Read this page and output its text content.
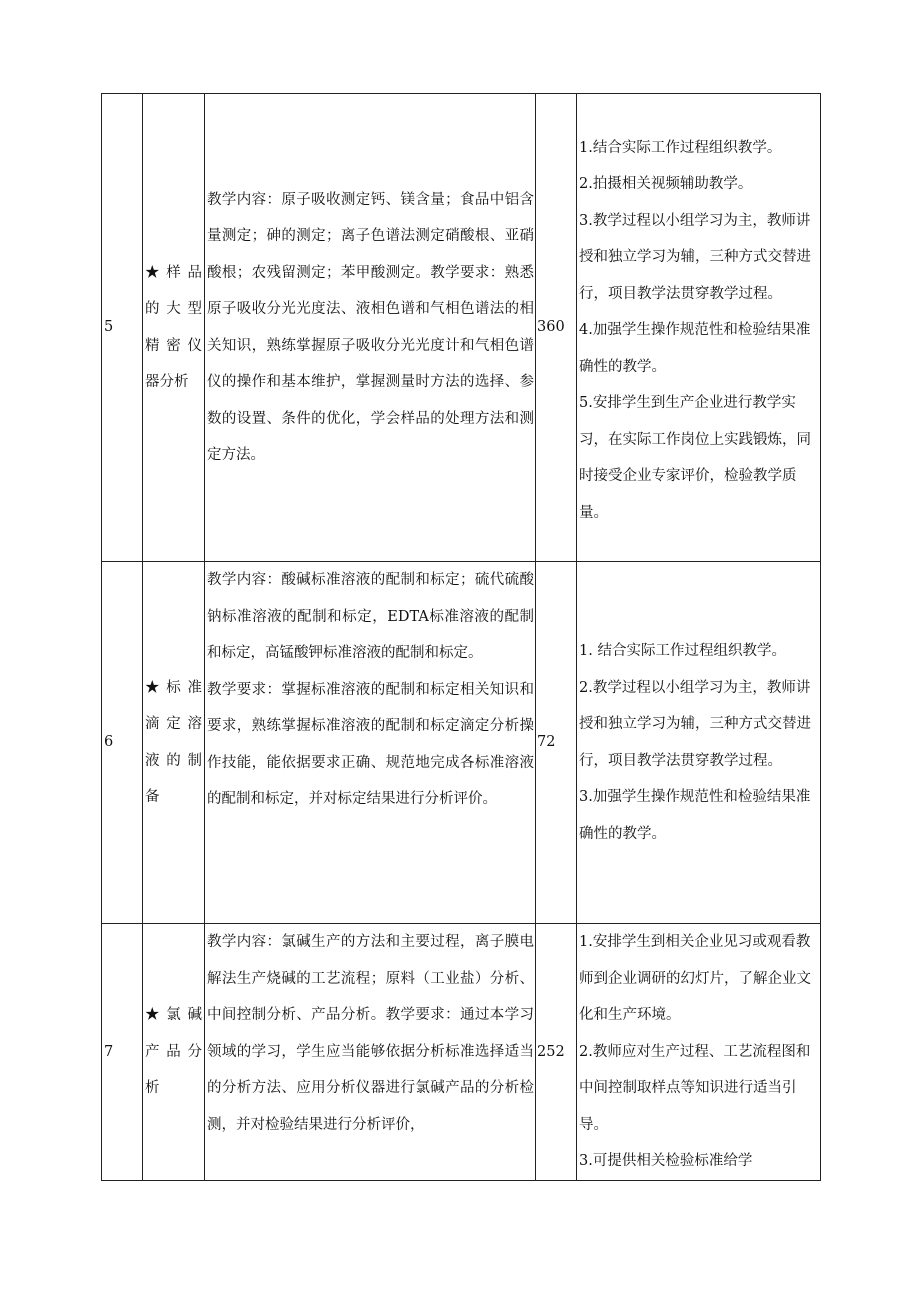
5	★样品的大型精密仪器分析	教学内容：原子吸收测定钙、镁含量；食品中铝含量测定；砷的测定；离子色谱法测定硝酸根、亚硝酸根；农残留测定；苯甲酸测定。教学要求：熟悉原子吸收分光光度法、液相色谱和气相色谱法的相关知识，熟练掌握原子吸收分光光度计和气相色谱仪的操作和基本维护，掌握测量时方法的选择、参数的设置、条件的优化，学会样品的处理方法和测定方法。	360	1.结合实际工作过程组织教学。
2.拍摄相关视频辅助教学。
3.教学过程以小组学习为主，教师讲授和独立学习为辅，三种方式交替进行，项目教学法贯穿教学过程。
4.加强学生操作规范性和检验结果准确性的教学。
5.安排学生到生产企业进行教学实习，在实际工作岗位上实践锻炼，同时接受企业专家评价，检验教学质量。

6	★标准滴定溶液的制备	教学内容：酸碱标准溶液的配制和标定；硫代硫酸钠标准溶液的配制和标定，EDTA标准溶液的配制和标定，高锰酸钾标准溶液的配制和标定。
教学要求：掌握标准溶液的配制和标定相关知识和要求，熟练掌握标准溶液的配制和标定滴定分析操作技能，能依据要求正确、规范地完成各标准溶液的配制和标定，并对标定结果进行分析评价。	72	1. 结合实际工作过程组织教学。
2.教学过程以小组学习为主，教师讲授和独立学习为辅，三种方式交替进行，项目教学法贯穿教学过程。
3.加强学生操作规范性和检验结果准确性的教学。

7	★氯碱产品分析	教学内容：氯碱生产的方法和主要过程，离子膜电解法生产烧碱的工艺流程；原料（工业盐）分析、中间控制分析、产品分析。教学要求：通过本学习领域的学习，学生应当能够依据分析标准选择适当的分析方法、应用分析仪器进行氯碱产品的分析检测，并对检验结果进行分析评价，	252	1.安排学生到相关企业见习或观看教师到企业调研的幻灯片，了解企业文化和生产环境。
2.教师应对生产过程、工艺流程图和中间控制取样点等知识进行适当引导。
3.可提供相关检验标准给学
